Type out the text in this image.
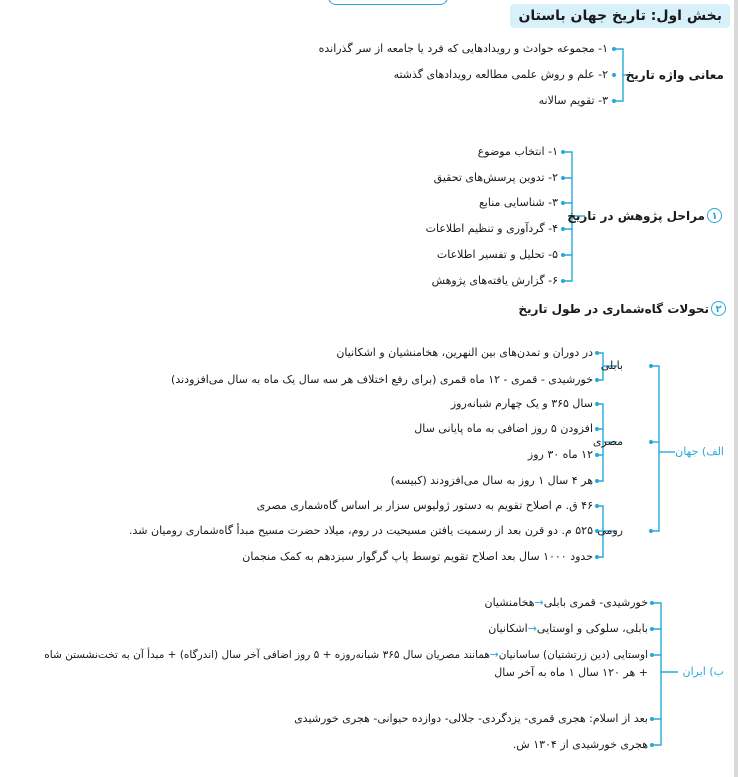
بخش اول: تاریخ جهان باستان
معانی واژه تاریخ
۱- مجموعه حوادث و رویدادهایی که فرد یا جامعه از سر گذرانده
۲- علم و روش علمی مطالعه رویدادهای گذشته
۳- تقویم سالانه
۱
مراحل پژوهش در تاریخ
۱- انتخاب موضوع
۲- تدوین پرسش‌های تحقیق
۳- شناسایی منابع
۴- گردآوری و تنظیم اطلاعات
۵- تحلیل و تفسیر اطلاعات
۶- گزارش یافته‌های پژوهش
۲
تحولات گاه‌شماری در طول تاریخ
الف) جهان
بابلی
در دوران و تمدن‌های بین النهرین، هخامنشیان و اشکانیان
خورشیدی - قمری - ۱۲ ماه قمری (برای رفع اختلاف هر سه سال یک ماه به سال می‌افزودند)
مصری
سال ۳۶۵ و یک چهارم شبانه‌روز
افزودن ۵ روز اضافی به ماه پایانی سال
۱۲ ماه ۳۰ روز
هر ۴ سال ۱ روز به سال می‌افزودند (کبیسه)
رومی
۴۶ ق. م اصلاح تقویم به دستور ژولیوس سزار بر اساس گاه‌شماری مصری
۵۲۵ م. دو قرن بعد از رسمیت یافتن مسیحیت در روم، میلاد حضرت مسیح مبدأ گاه‌شماری رومیان شد.
حدود ۱۰۰۰ سال بعد اصلاح تقویم توسط پاپ گرگوار سیزدهم به کمک منجمان
ب) ایران
خورشیدی- قمری بابلی→هخامنشیان
بابلی، سلوکی و اوستایی→اشکانیان
اوستایی (دین زرتشتیان) ساسانیان→همانند مصریان سال ۳۶۵ شبانه‌روزه + ۵ روز اضافی آخر سال (اندرگاه) + مبدأ آن به تخت‌نشستن شاه
+ هر ۱۲۰ سال ۱ ماه به آخر سال
بعد از اسلام: هجری قمری- یزدگردی- جلالی- دوازده حیوانی- هجری خورشیدی
هجری خورشیدی از ۱۳۰۴ ش.
